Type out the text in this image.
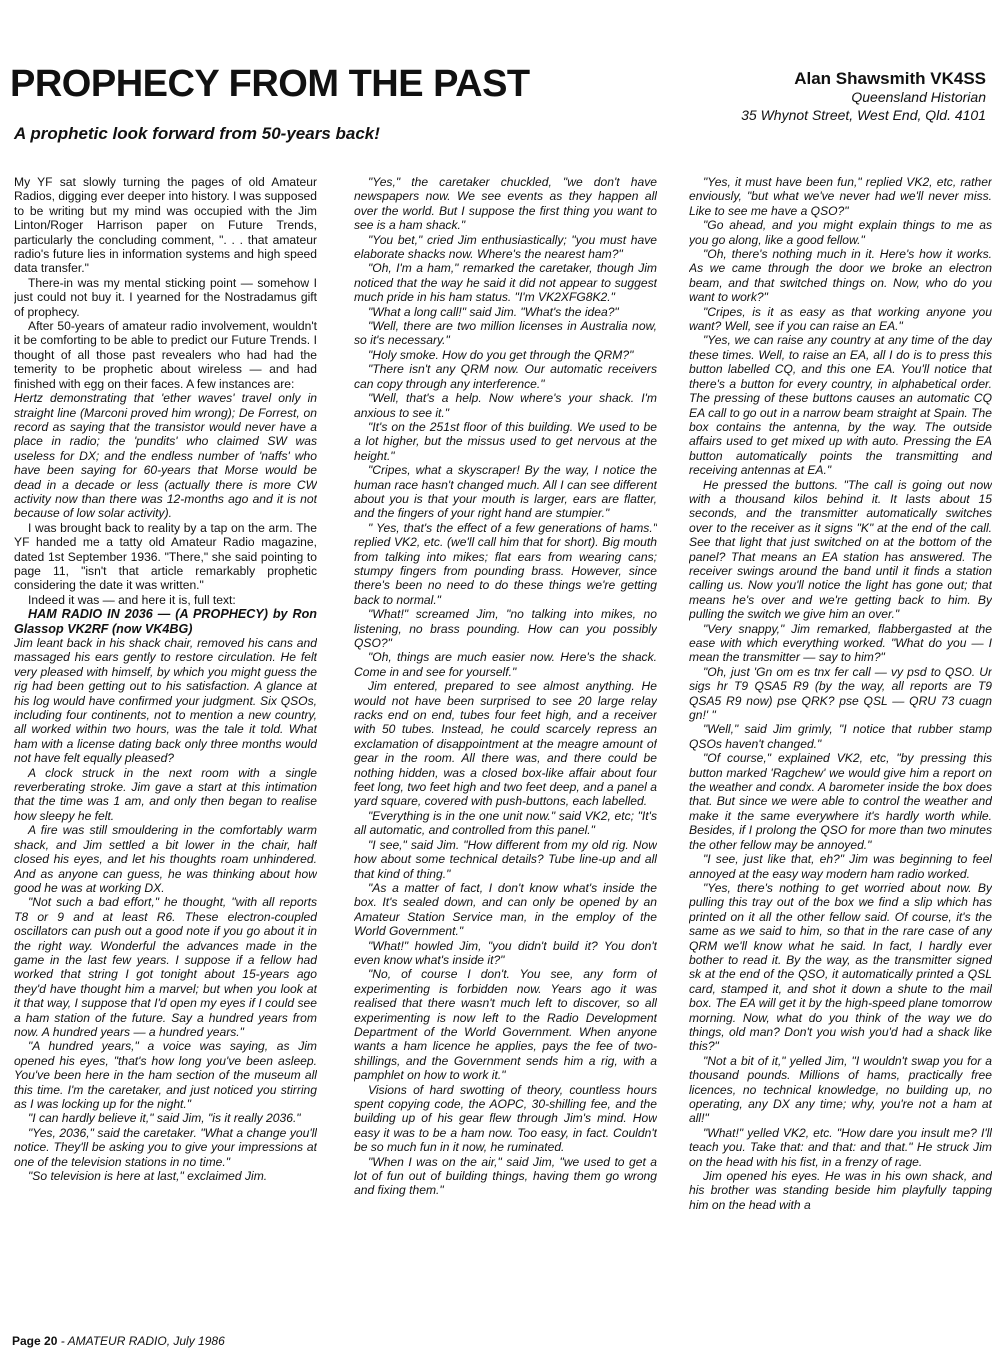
PROPHECY FROM THE PAST	Alan Shawsmith VK4SS
Queensland Historian
35 Whynot Street, West End, Qld. 4101
A prophetic look forward from 50-years back!

My YF sat slowly turning the pages of old Amateur Radios, digging ever deeper into history. I was supposed to be writing but my mind was occupied with the Jim Linton/Roger Harrison paper on Future Trends, particularly the concluding comment, ". . . that amateur radio's future lies in information systems and high speed data transfer."

There-in was my mental sticking point — somehow I just could not buy it. I yearned for the Nostradamus gift of prophecy.

After 50-years of amateur radio involvement, wouldn't it be comforting to be able to predict our Future Trends. I thought of all those past revealers who had had the temerity to be prophetic about wireless — and had finished with egg on their faces. A few instances are:

Hertz demonstrating that 'ether waves' travel only in straight line (Marconi proved him wrong); De Forrest, on record as saying that the transistor would never have a place in radio; the 'pundits' who claimed SW was useless for DX; and the endless number of 'naffs' who have been saying for 60-years that Morse would be dead in a decade or less (actually there is more CW activity now than there was 12-months ago and it is not because of low solar activity).

I was brought back to reality by a tap on the arm. The YF handed me a tatty old Amateur Radio magazine, dated 1st September 1936. "There," she said pointing to page 11, "isn't that article remarkably prophetic considering the date it was written."

Indeed it was — and here it is, full text:

HAM RADIO IN 2036 — (A PROPHECY) by Ron Glassop VK2RF (now VK4BG)

Jim leant back in his shack chair, removed his cans and massaged his ears gently to restore circulation. He felt very pleased with himself, by which you might guess the rig had been getting out to his satisfaction. A glance at his log would have confirmed your judgment. Six QSOs, including four continents, not to mention a new country, all worked within two hours, was the tale it told. What ham with a license dating back only three months would not have felt equally pleased?

A clock struck in the next room with a single reverberating stroke. Jim gave a start at this intimation that the time was 1 am, and only then began to realise how sleepy he felt.

A fire was still smouldering in the comfortably warm shack, and Jim settled a bit lower in the chair, half closed his eyes, and let his thoughts roam unhindered. And as anyone can guess, he was thinking about how good he was at working DX.

"Not such a bad effort," he thought, "with all reports T8 or 9 and at least R6. These electron-coupled oscillators can push out a good note if you go about it in the right way. Wonderful the advances made in the game in the last few years. I suppose if a fellow had worked that string I got tonight about 15-years ago they'd have thought him a marvel; but when you look at it that way, I suppose that I'd open my eyes if I could see a ham station of the future. Say a hundred years from now. A hundred years — a hundred years."

"A hundred years," a voice was saying, as Jim opened his eyes, "that's how long you've been asleep. You've been here in the ham section of the museum all this time. I'm the caretaker, and just noticed you stirring as I was locking up for the night."

"I can hardly believe it," said Jim, "is it really 2036."

"Yes, 2036," said the caretaker. "What a change you'll notice. They'll be asking you to give your impressions at one of the television stations in no time."

"So television is here at last," exclaimed Jim.

"Yes," the caretaker chuckled, "we don't have newspapers now. We see events as they happen all over the world. But I suppose the first thing you want to see is a ham shack."

"You bet," cried Jim enthusiastically; "you must have elaborate shacks now. Where's the nearest ham?"

"Oh, I'm a ham," remarked the caretaker, though Jim noticed that the way he said it did not appear to suggest much pride in his ham status. "I'm VK2XFG8K2."

"What a long call!" said Jim. "What's the idea?"

"Well, there are two million licenses in Australia now, so it's necessary."

"Holy smoke. How do you get through the QRM?"

"There isn't any QRM now. Our automatic receivers can copy through any interference."

"Well, that's a help. Now where's your shack. I'm anxious to see it."

"It's on the 251st floor of this building. We used to be a lot higher, but the missus used to get nervous at the height."

"Cripes, what a skyscraper! By the way, I notice the human race hasn't changed much. All I can see different about you is that your mouth is larger, ears are flatter, and the fingers of your right hand are stumpier."

" Yes, that's the effect of a few generations of hams." replied VK2, etc. (we'll call him that for short). Big mouth from talking into mikes; flat ears from wearing cans; stumpy fingers from pounding brass. However, since there's been no need to do these things we're getting back to normal."

"What!" screamed Jim, "no talking into mikes, no listening, no brass pounding. How can you possibly QSO?"

"Oh, things are much easier now. Here's the shack. Come in and see for yourself."

Jim entered, prepared to see almost anything. He would not have been surprised to see 20 large relay racks end on end, tubes four feet high, and a receiver with 50 tubes. Instead, he could scarcely repress an exclamation of disappointment at the meagre amount of gear in the room. All there was, and there could be nothing hidden, was a closed box-like affair about four feet long, two feet high and two feet deep, and a panel a yard square, covered with push-buttons, each labelled.

"Everything is in the one unit now." said VK2, etc; "It's all automatic, and controlled from this panel."

"I see," said Jim. "How different from my old rig. Now how about some technical details? Tube line-up and all that kind of thing."

"As a matter of fact, I don't know what's inside the box. It's sealed down, and can only be opened by an Amateur Station Service man, in the employ of the World Government."

"What!" howled Jim, "you didn't build it? You don't even know what's inside it?"

"No, of course I don't. You see, any form of experimenting is forbidden now. Years ago it was realised that there wasn't much left to discover, so all experimenting is now left to the Radio Development Department of the World Government. When anyone wants a ham licence he applies, pays the fee of two-shillings, and the Government sends him a rig, with a pamphlet on how to work it."

Visions of hard swotting of theory, countless hours spent copying code, the AOPC, 30-shilling fee, and the building up of his gear flew through Jim's mind. How easy it was to be a ham now. Too easy, in fact. Couldn't be so much fun in it now, he ruminated.

"When I was on the air," said Jim, "we used to get a lot of fun out of building things, having them go wrong and fixing them."

"Yes, it must have been fun," replied VK2, etc, rather enviously, "but what we've never had we'll never miss. Like to see me have a QSO?"

"Go ahead, and you might explain things to me as you go along, like a good fellow."

"Oh, there's nothing much in it. Here's how it works. As we came through the door we broke an electron beam, and that switched things on. Now, who do you want to work?"

"Cripes, is it as easy as that working anyone you want? Well, see if you can raise an EA."

"Yes, we can raise any country at any time of the day these times. Well, to raise an EA, all I do is to press this button labelled CQ, and this one EA. You'll notice that there's a button for every country, in alphabetical order. The pressing of these buttons causes an automatic CQ EA call to go out in a narrow beam straight at Spain. The box contains the antenna, by the way. The outside affairs used to get mixed up with auto. Pressing the EA button automatically points the transmitting and receiving antennas at EA."

He pressed the buttons. "The call is going out now with a thousand kilos behind it. It lasts about 15 seconds, and the transmitter automatically switches over to the receiver as it signs "K" at the end of the call. See that light that just switched on at the bottom of the panel? That means an EA station has answered. The receiver swings around the band until it finds a station calling us. Now you'll notice the light has gone out; that means he's over and we're getting back to him. By pulling the switch we give him an over."

"Very snappy," Jim remarked, flabbergasted at the ease with which everything worked. "What do you — I mean the transmitter — say to him?"

"Oh, just 'Gn om es tnx fer call — vy psd to QSO. Ur sigs hr T9 QSA5 R9 (by the way, all reports are T9 QSA5 R9 now) pse QRK? pse QSL — QRU 73 cuagn gn!' "

"Well," said Jim grimly, "I notice that rubber stamp QSOs haven't changed."

"Of course," explained VK2, etc, "by pressing this button marked 'Ragchew' we would give him a report on the weather and condx. A barometer inside the box does that. But since we were able to control the weather and make it the same everywhere it's hardly worth while. Besides, if I prolong the QSO for more than two minutes the other fellow may be annoyed."

"I see, just like that, eh?" Jim was beginning to feel annoyed at the easy way modern ham radio worked.

"Yes, there's nothing to get worried about now. By pulling this tray out of the box we find a slip which has printed on it all the other fellow said. Of course, it's the same as we said to him, so that in the rare case of any QRM we'll know what he said. In fact, I hardly ever bother to read it. By the way, as the transmitter signed sk at the end of the QSO, it automatically printed a QSL card, stamped it, and shot it down a shute to the mail box. The EA will get it by the high-speed plane tomorrow morning. Now, what do you think of the way we do things, old man? Don't you wish you'd had a shack like this?"

"Not a bit of it," yelled Jim, "I wouldn't swap you for a thousand pounds. Millions of hams, practically free licences, no technical knowledge, no building up, no operating, any DX any time; why, you're not a ham at all!"

"What!" yelled VK2, etc. "How dare you insult me? I'll teach you. Take that: and that: and that." He struck Jim on the head with his fist, in a frenzy of rage.

Jim opened his eyes. He was in his own shack, and his brother was standing beside him playfully tapping him on the head with a

Page 20 - AMATEUR RADIO, July 1986
